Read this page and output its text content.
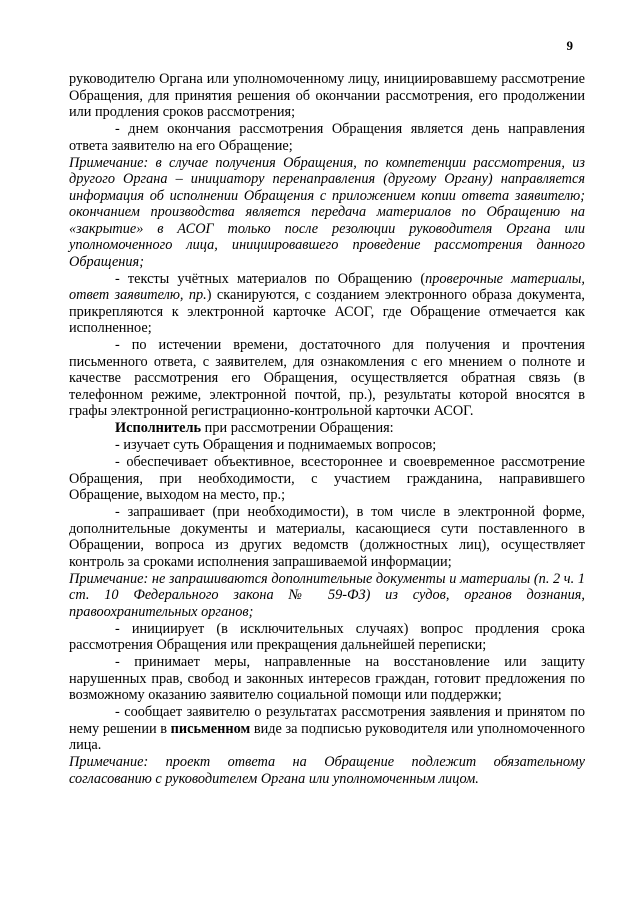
9

руководителю Органа или уполномоченному лицу, инициировавшему рассмотрение Обращения, для принятия решения об окончании рассмотрения, его продолжении или продления сроков рассмотрения;

- днем окончания рассмотрения Обращения является день направления ответа заявителю на его Обращение;

Примечание: в случае получения Обращения, по компетенции рассмотрения, из другого Органа – инициатору перенаправления (другому Органу) направляется информация об исполнении Обращения с приложением копии ответа заявителю; окончанием производства является передача материалов по Обращению на «закрытие» в АСОГ только после резолюции руководителя Органа или уполномоченного лица, инициировавшего проведение рассмотрения данного Обращения;

- тексты учётных материалов по Обращению (проверочные материалы, ответ заявителю, пр.) сканируются, с созданием электронного образа документа, прикрепляются к электронной карточке АСОГ, где Обращение отмечается как исполненное;

- по истечении времени, достаточного для получения и прочтения письменного ответа, с заявителем, для ознакомления с его мнением о полноте и качестве рассмотрения его Обращения, осуществляется обратная связь (в телефонном режиме, электронной почтой, пр.), результаты которой вносятся в графы электронной регистрационно-контрольной карточки АСОГ.

Исполнитель при рассмотрении Обращения:

- изучает суть Обращения и поднимаемых вопросов;

- обеспечивает объективное, всестороннее и своевременное рассмотрение Обращения, при необходимости, с участием гражданина, направившего Обращение, выходом на место, пр.;

- запрашивает (при необходимости), в том числе в электронной форме, дополнительные документы и материалы, касающиеся сути поставленного в Обращении, вопроса из других ведомств (должностных лиц), осуществляет контроль за сроками исполнения запрашиваемой информации;

Примечание: не запрашиваются дополнительные документы и материалы (п. 2 ч. 1 ст. 10 Федерального закона № 59-ФЗ) из судов, органов дознания, правоохранительных органов;

- инициирует (в исключительных случаях) вопрос продления срока рассмотрения Обращения или прекращения дальнейшей переписки;

- принимает меры, направленные на восстановление или защиту нарушенных прав, свобод и законных интересов граждан, готовит предложения по возможному оказанию заявителю социальной помощи или поддержки;

- сообщает заявителю о результатах рассмотрения заявления и принятом по нему решении в письменном виде за подписью руководителя или уполномоченного лица.

Примечание: проект ответа на Обращение подлежит обязательному согласованию с руководителем Органа или уполномоченным лицом.
